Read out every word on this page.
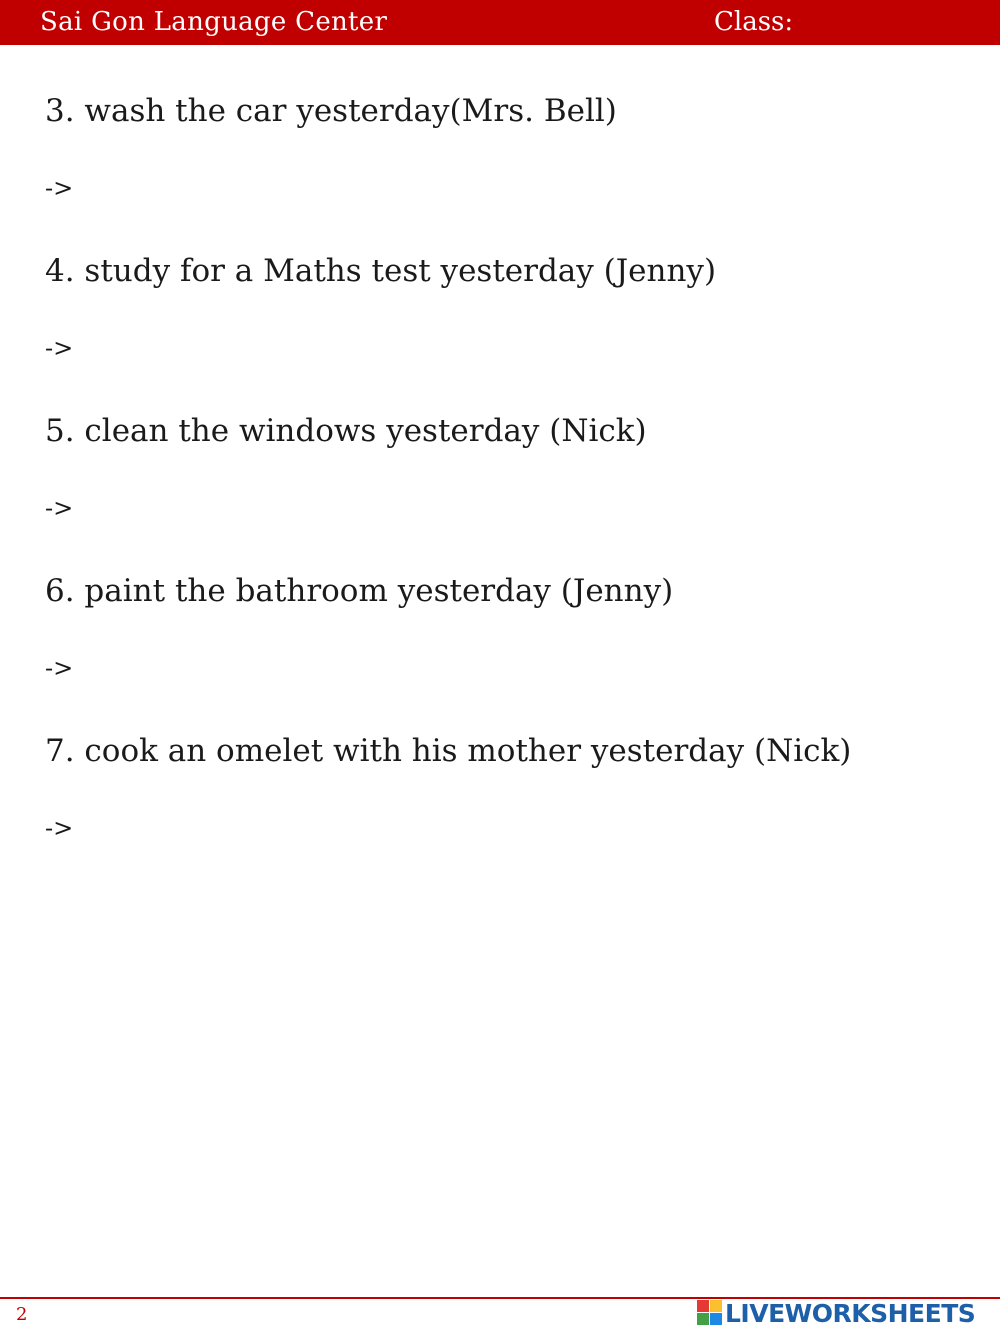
Sai Gon Language Center	Class:
3. wash the car yesterday(Mrs. Bell)
->
4. study for a Maths test yesterday (Jenny)
->
5. clean the windows yesterday (Nick)
->
6. paint the bathroom yesterday (Jenny)
->
7. cook an omelet with his mother yesterday (Nick)
->
2	LIVEWORKSHEETS
